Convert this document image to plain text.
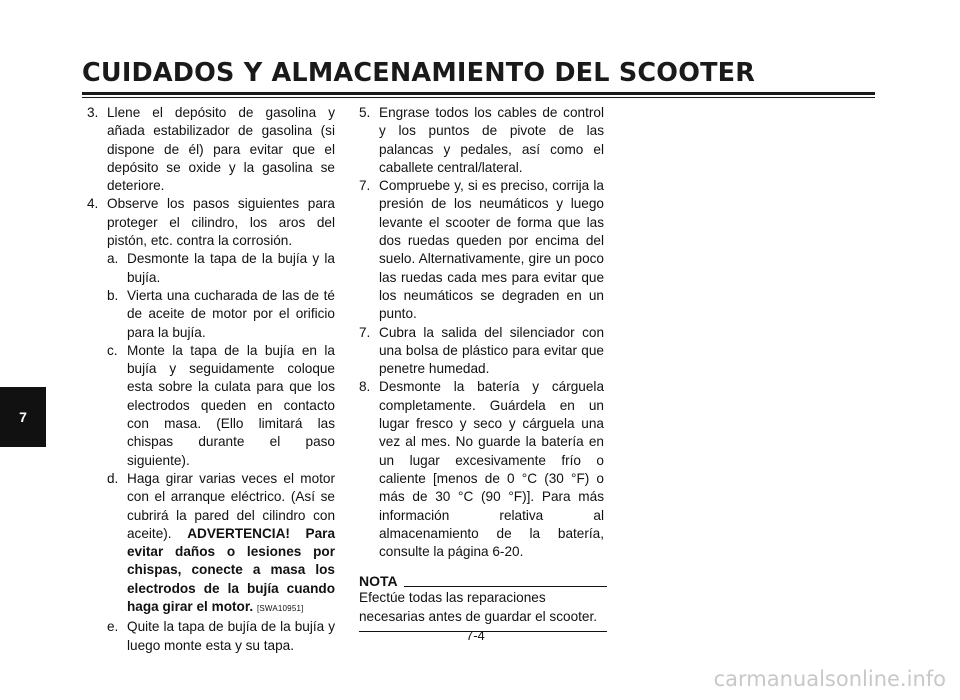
CUIDADOS Y ALMACENAMIENTO DEL SCOOTER
7
3. Llene el depósito de gasolina y añada estabilizador de gasolina (si dispone de él) para evitar que el depósito se oxide y la gasolina se deteriore.
4. Observe los pasos siguientes para proteger el cilindro, los aros del pistón, etc. contra la corrosión.
a. Desmonte la tapa de la bujía y la bujía.
b. Vierta una cucharada de las de té de aceite de motor por el orificio para la bujía.
c. Monte la tapa de la bujía en la bujía y seguidamente coloque esta sobre la culata para que los electrodos queden en contacto con masa. (Ello limitará las chispas durante el paso siguiente).
d. Haga girar varias veces el motor con el arranque eléctrico. (Así se cubrirá la pared del cilindro con aceite). ADVERTENCIA! Para evitar daños o lesiones por chispas, conecte a masa los electrodos de la bujía cuando haga girar el motor. [SWA10951]
e. Quite la tapa de bujía de la bujía y luego monte esta y su tapa.
5. Engrase todos los cables de control y los puntos de pivote de las palancas y pedales, así como el caballete central/lateral.
7. Compruebe y, si es preciso, corrija la presión de los neumáticos y luego levante el scooter de forma que las dos ruedas queden por encima del suelo. Alternativamente, gire un poco las ruedas cada mes para evitar que los neumáticos se degraden en un punto.
7. Cubra la salida del silenciador con una bolsa de plástico para evitar que penetre humedad.
8. Desmonte la batería y cárguela completamente. Guárdela en un lugar fresco y seco y cárguela una vez al mes. No guarde la batería en un lugar excesivamente frío o caliente [menos de 0 °C (30 °F) o más de 30 °C (90 °F)]. Para más información relativa al almacenamiento de la batería, consulte la página 6-20.
NOTA
Efectúe todas las reparaciones necesarias antes de guardar el scooter.
7-4
carmanualsonline.info
